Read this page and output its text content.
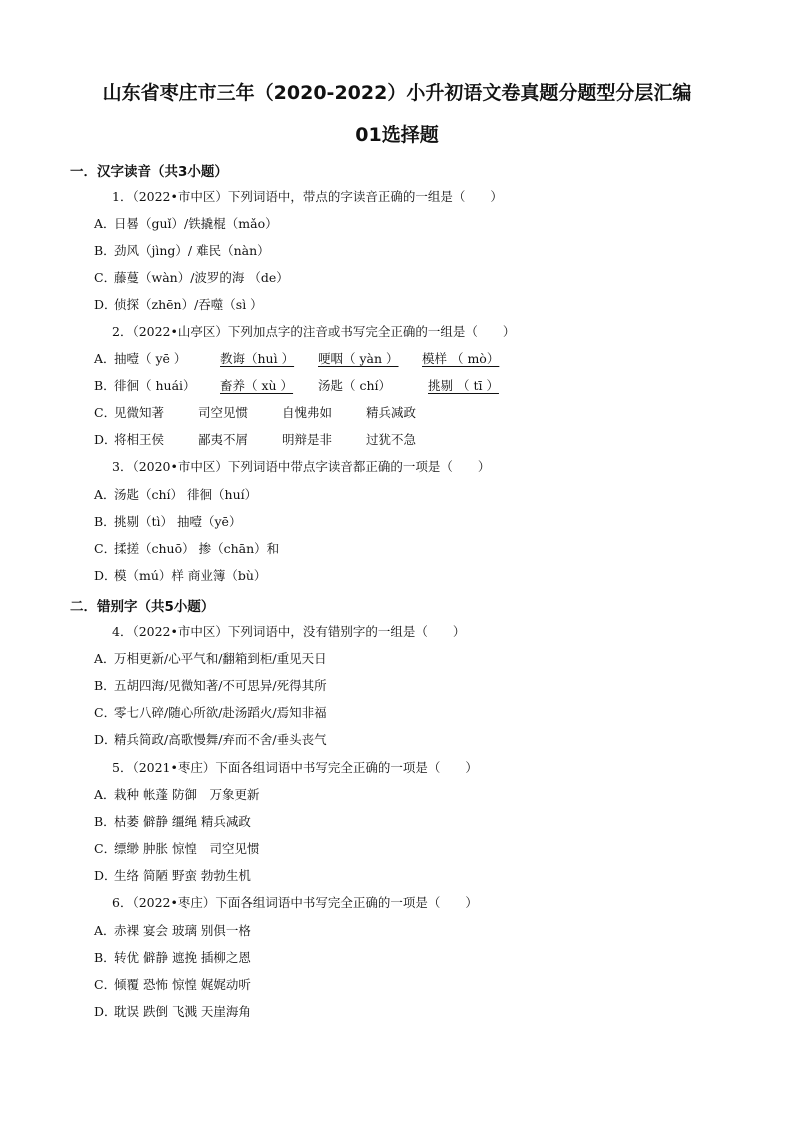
山东省枣庄市三年（2020-2022）小升初语文卷真题分题型分层汇编
01选择题
一．汉字读音（共3小题）
1．（2022•市中区）下列词语中，带点的字读音正确的一组是（　　）
A．日晷（guǐ）/铁撬棍（mǎo）
B．劲风（jìng）/ 难民（nàn）
C．藤蔓（wàn）/波罗的海 （de）
D．侦探（zhēn）/吞噬（sì ）
2．（2022•山亭区）下列加点字的注音或书写完全正确的一组是（　　）
A．
抽噎（ yē ）	教诲（huì ） 哽咽（ yàn ） 模样 （ mò）
B．
徘徊（ huái） 畜养（ xù ） 汤匙（ chí）	挑剔 （ tī ）
C．
见微知著	司空见惯	自愧弗如	精兵减政
D．
将相王侯	鄙夷不屑	明辩是非	过犹不急
3．（2020•市中区）下列词语中带点字读音都正确的一项是（　　）
A．汤匙（chí） 徘徊（huí）
B．挑剔（tì） 抽噎（yē）
C．揉搓（chuō） 掺（chān）和
D．模（mú）样 商业簿（bù）
二．错别字（共5小题）
4．（2022•市中区）下列词语中，没有错别字的一组是（　　）
A．万相更新/心平气和/翻箱到柜/重见天日
B．五胡四海/见微知著/不可思异/死得其所
C．零七八碎/随心所欲/赴汤蹈火/焉知非福
D．精兵简政/高歌慢舞/弃而不舍/垂头丧气
5．（2021•枣庄）下面各组词语中书写完全正确的一项是（　　）
A．栽种 帐蓬 防御　万象更新
B．枯萎 僻静 缰绳 精兵减政
C．缥缈 肿胀 惊惶　司空见惯
D．生络 简陋 野蛮 勃勃生机
6．（2022•枣庄）下面各组词语中书写完全正确的一项是（　　）
A．赤裸 宴会 玻璃 别俱一格
B．转优 僻静 遮挽 插柳之恩
C．倾覆 恐怖 惊惶 娓娓动听
D．耽误 跌倒 飞溅 天崖海角
